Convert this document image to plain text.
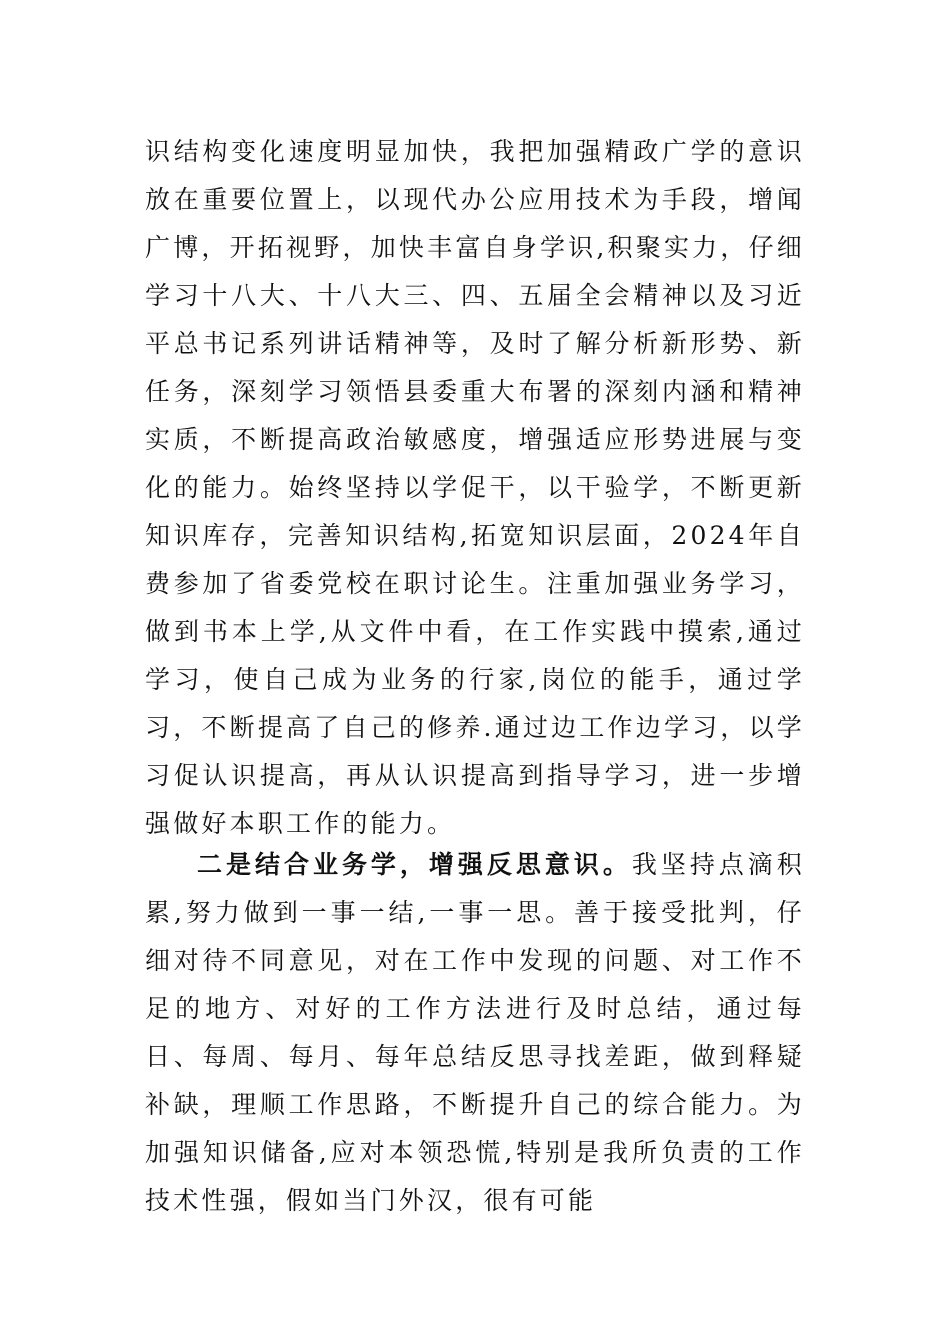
识结构变化速度明显加快，我把加强精政广学的意识放在重要位置上，以现代办公应用技术为手段，增闻广博，开拓视野，加快丰富自身学识,积聚实力，仔细学习十八大、十八大三、四、五届全会精神以及习近平总书记系列讲话精神等，及时了解分析新形势、新任务，深刻学习领悟县委重大布署的深刻内涵和精神实质，不断提高政治敏感度，增强适应形势进展与变化的能力。始终坚持以学促干，以干验学，不断更新知识库存，完善知识结构,拓宽知识层面，2024年自费参加了省委党校在职讨论生。注重加强业务学习，做到书本上学,从文件中看，在工作实践中摸索,通过学习，使自己成为业务的行家,岗位的能手，通过学习，不断提高了自己的修养.通过边工作边学习，以学习促认识提高，再从认识提高到指导学习，进一步增强做好本职工作的能力。

二是结合业务学，增强反思意识。我坚持点滴积累,努力做到一事一结,一事一思。善于接受批判，仔细对待不同意见，对在工作中发现的问题、对工作不足的地方、对好的工作方法进行及时总结，通过每日、每周、每月、每年总结反思寻找差距，做到释疑补缺，理顺工作思路，不断提升自己的综合能力。为加强知识储备,应对本领恐慌,特别是我所负责的工作技术性强，假如当门外汉，很有可能
